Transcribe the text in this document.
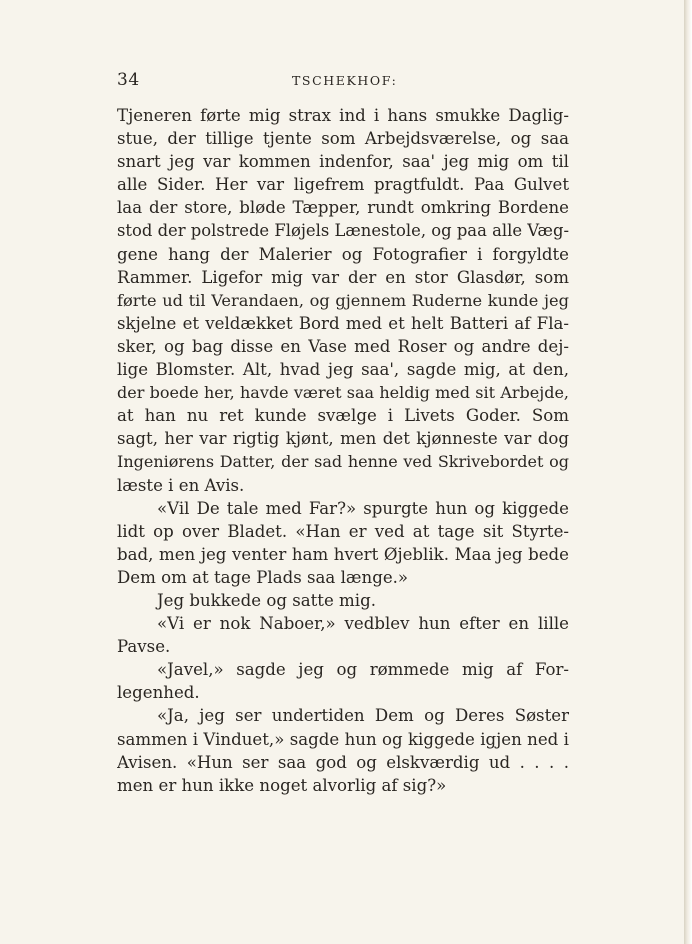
34	TSCHEKHOF:
Tjeneren førte mig strax ind i hans smukke Daglig-
stue, der tillige tjente som Arbejdsværelse, og saa
snart jeg var kommen indenfor, saa' jeg mig om til
alle Sider. Her var ligefrem pragtfuldt. Paa Gulvet
laa der store, bløde Tæpper, rundt omkring Bordene
stod der polstrede Fløjels Lænestole, og paa alle Væg-
gene hang der Malerier og Fotografier i forgyldte
Rammer. Ligefor mig var der en stor Glasdør, som
førte ud til Verandaen, og gjennem Ruderne kunde jeg
skjelne et veldækket Bord med et helt Batteri af Fla-
sker, og bag disse en Vase med Roser og andre dej-
lige Blomster. Alt, hvad jeg saa', sagde mig, at den,
der boede her, havde været saa heldig med sit Arbejde,
at han nu ret kunde svælge i Livets Goder. Som
sagt, her var rigtig kjønt, men det kjønneste var dog
Ingeniørens Datter, der sad henne ved Skrivebordet og
læste i en Avis.
«Vil De tale med Far?» spurgte hun og kiggede
lidt op over Bladet. «Han er ved at tage sit Styrte-
bad, men jeg venter ham hvert Øjeblik. Maa jeg bede
Dem om at tage Plads saa længe.»
Jeg bukkede og satte mig.
«Vi er nok Naboer,» vedblev hun efter en lille
Pavse.
«Javel,» sagde jeg og rømmede mig af For-
legenhed.
«Ja, jeg ser undertiden Dem og Deres Søster
sammen i Vinduet,» sagde hun og kiggede igjen ned i
Avisen. «Hun ser saa god og elskværdig ud . . . .
men er hun ikke noget alvorlig af sig?»
